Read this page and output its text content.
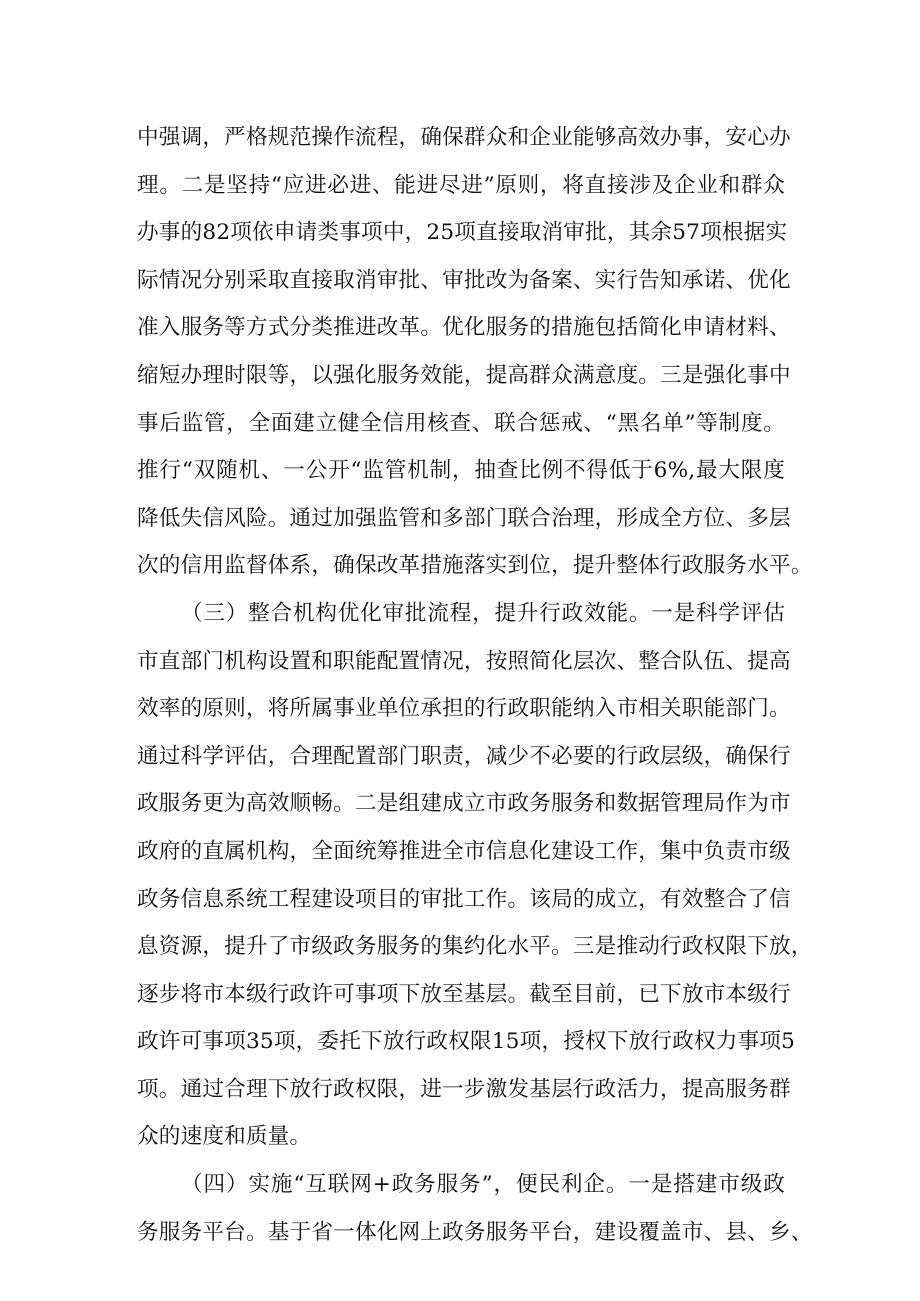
中强调，严格规范操作流程，确保群众和企业能够高效办事，安心办
理。二是坚持“应进必进、能进尽进”原则，将直接涉及企业和群众
办事的82项依申请类事项中，25项直接取消审批，其余57项根据实
际情况分别采取直接取消审批、审批改为备案、实行告知承诺、优化
准入服务等方式分类推进改革。优化服务的措施包括简化申请材料、
缩短办理时限等，以强化服务效能，提高群众满意度。三是强化事中
事后监管，全面建立健全信用核查、联合惩戒、“黑名单”等制度。
推行“双随机、一公开“监管机制，抽查比例不得低于6%,最大限度
降低失信风险。通过加强监管和多部门联合治理，形成全方位、多层
次的信用监督体系，确保改革措施落实到位，提升整体行政服务水平。
（三）整合机构优化审批流程，提升行政效能。一是科学评估
市直部门机构设置和职能配置情况，按照简化层次、整合队伍、提高
效率的原则，将所属事业单位承担的行政职能纳入市相关职能部门。
通过科学评估，合理配置部门职责，减少不必要的行政层级，确保行
政服务更为高效顺畅。二是组建成立市政务服务和数据管理局作为市
政府的直属机构，全面统筹推进全市信息化建设工作，集中负责市级
政务信息系统工程建设项目的审批工作。该局的成立，有效整合了信
息资源，提升了市级政务服务的集约化水平。三是推动行政权限下放，
逐步将市本级行政许可事项下放至基层。截至目前，已下放市本级行
政许可事项35项，委托下放行政权限15项，授权下放行政权力事项5
项。通过合理下放行政权限，进一步激发基层行政活力，提高服务群
众的速度和质量。
（四）实施“互联网+政务服务”，便民利企。一是搭建市级政
务服务平台。基于省一体化网上政务服务平台，建设覆盖市、县、乡、
